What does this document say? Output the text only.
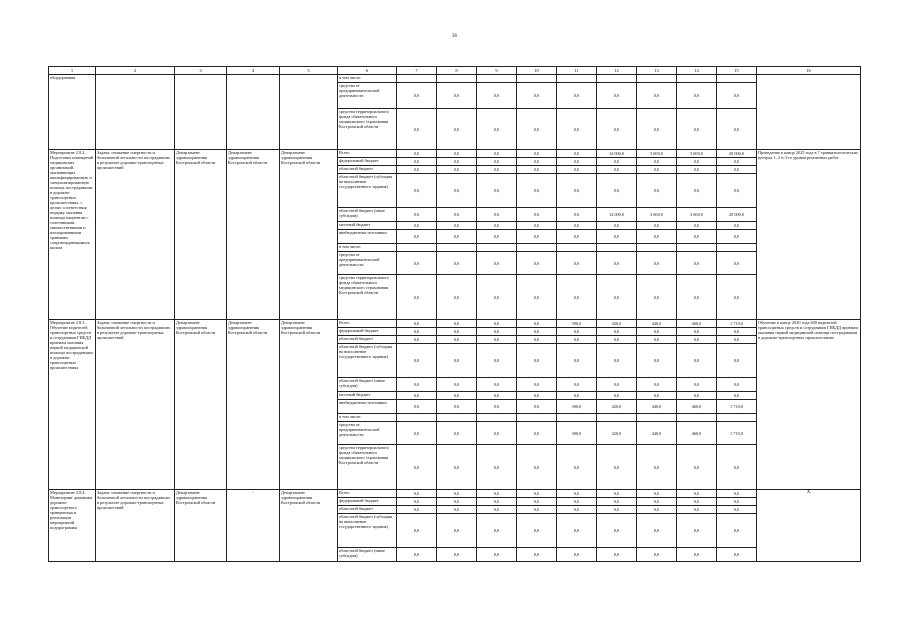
36
1	2	3	4	5	6	7	8	9	10	11	12	13	14	15	16
оборудования					в том числе:										
					средства от предпринимательской деятельности	0,0	0,0	0,0	0,0	0,0	0,0	0,0	0,0	0,0	
					средства территориального фонда обязательного медицинского страхования Костромской области	0,0	0,0	0,0	0,0	0,0	0,0	0,0	0,0	0,0	
Мероприятие 2.8.2. Подготовка помещений медицинских организаций, оказывающих квалифицированную и специализированную помощь пострадавшим в дорожно-транспортных происшествиях, с целью соответствия порядку оказания помощи пациентам с сочетанными, множественными и изолированными травмами, сопровождающимися шоком	Задача: снижение смертности и больничной летальности пострадавших в результате дорожно-транспортных происшествий	Департамент здравоохранения Костромской области	Департамент здравоохранения Костромской области	Департамент здравоохранения Костромской области	Всего	0,0	0,0	0,0	0,0	0,0	14 000,0	3 000,0	3 000,0	20 000,0	Проведение к концу 2025 года в 7 травматологических центрах 1, 2 и 3-го уровня ремонтных работ
					федеральный бюджет	0,0	0,0	0,0	0,0	0,0	0,0	0,0	0,0	0,0	
					областной бюджет	0,0	0,0	0,0	0,0	0,0	0,0	0,0	0,0	0,0	
					областной бюджет (субсидия на выполнение государственного задания)	0,0	0,0	0,0	0,0	0,0	0,0	0,0	0,0	0,0	
					областной бюджет (иные субсидии)	0,0	0,0	0,0	0,0	0,0	14 000,0	3 000,0	3 000,0	20 000,0	
					местный бюджет	0,0	0,0	0,0	0,0	0,0	0,0	0,0	0,0	0,0	
					внебюджетные источники	0,0	0,0	0,0	0,0	0,0	0,0	0,0	0,0	0,0	
					в том числе:										
					средства от предпринимательской деятельности	0,0	0,0	0,0	0,0	0,0	0,0	0,0	0,0	0,0	
					средства территориального фонда обязательного медицинского страхования Костромской области	0,0	0,0	0,0	0,0	0,0	0,0	0,0	0,0	0,0	
Мероприятие 2.8.3. Обучение водителей транспортных средств и сотрудников ГИБДД приемам оказания первой медицинской помощи пострадавшим в дорожно-транспортных происшествиях	Задача: снижение смертности и больничной летальности пострадавших в результате дорожно-транспортных происшествий	Департамент здравоохранения Костромской области	Департамент здравоохранения Костромской области	Департамент здравоохранения Костромской области	Всего	0,0	0,0	0,0	0,0	390,0	420,0	440,0	460,0	1 710,0	Обучение к концу 2020 года 600 водителей транспортных средств и сотрудников ГИБДД приемам оказания первой медицинской помощи пострадавшим в дорожно-транспортных происшествиях
					федеральный бюджет	0,0	0,0	0,0	0,0	0,0	0,0	0,0	0,0	0,0	
					областной бюджет	0,0	0,0	0,0	0,0	0,0	0,0	0,0	0,0	0,0	
					областной бюджет (субсидия на выполнение государственного задания)	0,0	0,0	0,0	0,0	0,0	0,0	0,0	0,0	0,0	
					областной бюджет (иные субсидии)	0,0	0,0	0,0	0,0	0,0	0,0	0,0	0,0	0,0	
					местный бюджет	0,0	0,0	0,0	0,0	0,0	0,0	0,0	0,0	0,0	
					внебюджетные источники	0,0	0,0	0,0	0,0	390,0	420,0	440,0	460,0	1 710,0	
					в том числе:										
					средства от предпринимательской деятельности	0,0	0,0	0,0	0,0	390,0	420,0	440,0	460,0	1 710,0	
					средства территориального фонда обязательного медицинского страхования Костромской области	0,0	0,0	0,0	0,0	0,0	0,0	0,0	0,0	0,0	
Мероприятие 2.8.4. Мониторинг динамики дорожно-транспортного травматизма и реализации мероприятий подпрограммы	Задача: снижение смертности и больничной летальности пострадавших в результате дорожно-транспортных происшествий	Департамент здравоохранения Костромской области	-	Департамент здравоохранения Костромской области	Всего	0,0	0,0	0,0	0,0	0,0	0,0	0,0	0,0	0,0	X
					федеральный бюджет	0,0	0,0	0,0	0,0	0,0	0,0	0,0	0,0	0,0	
					областной бюджет	0,0	0,0	0,0	0,0	0,0	0,0	0,0	0,0	0,0	
					областной бюджет (субсидия на выполнение государственного задания)	0,0	0,0	0,0	0,0	0,0	0,0	0,0	0,0	0,0	
					областной бюджет (иные субсидии)	0,0	0,0	0,0	0,0	0,0	0,0	0,0	0,0	0,0	
